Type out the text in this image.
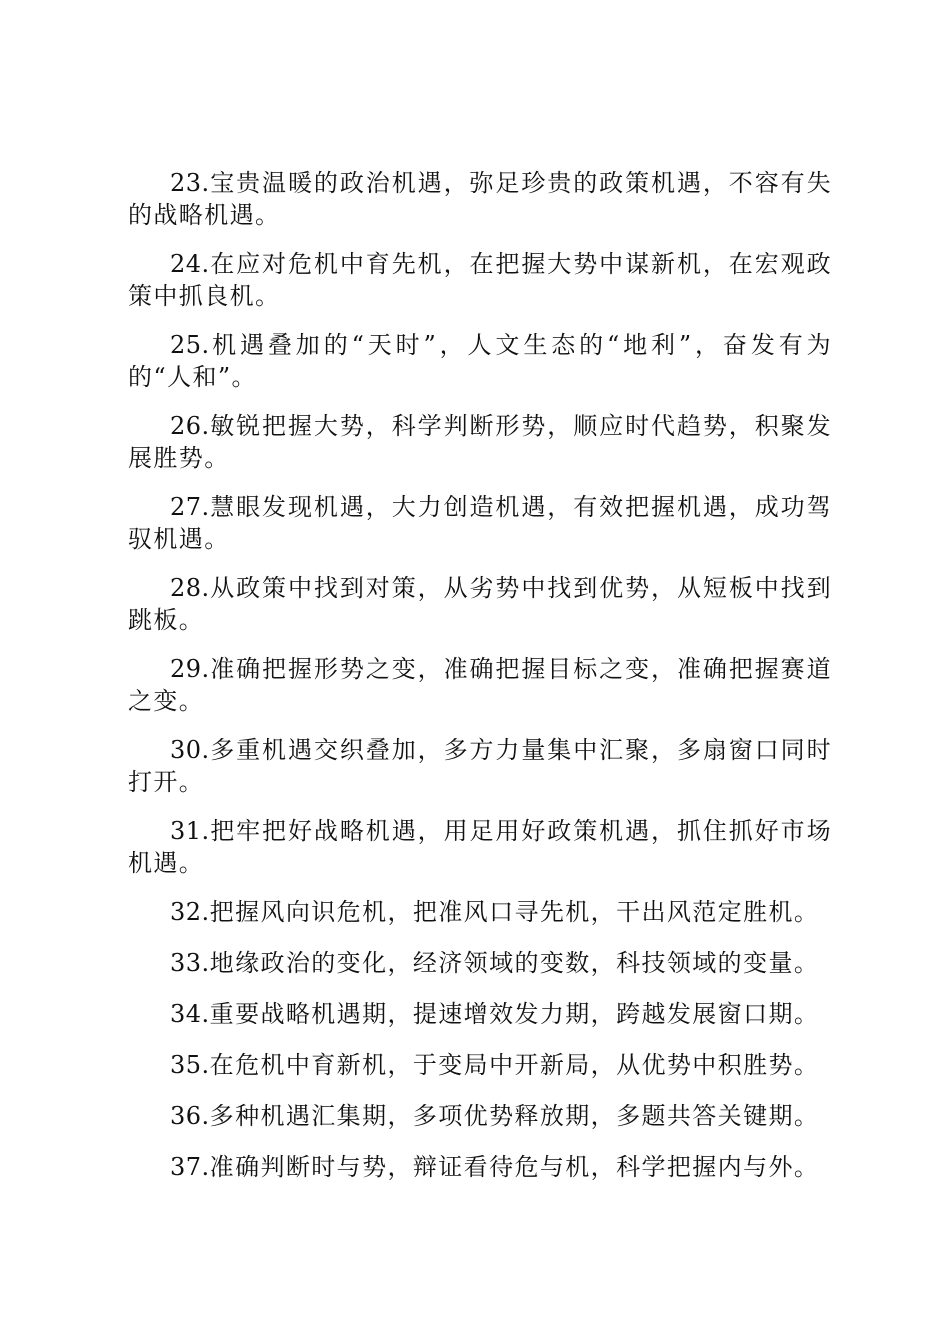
23.宝贵温暖的政治机遇，弥足珍贵的政策机遇，不容有失的战略机遇。

24.在应对危机中育先机，在把握大势中谋新机，在宏观政策中抓良机。

25.机遇叠加的“天时”，人文生态的“地利”，奋发有为的“人和”。

26.敏锐把握大势，科学判断形势，顺应时代趋势，积聚发展胜势。

27.慧眼发现机遇，大力创造机遇，有效把握机遇，成功驾驭机遇。

28.从政策中找到对策，从劣势中找到优势，从短板中找到跳板。

29.准确把握形势之变，准确把握目标之变，准确把握赛道之变。

30.多重机遇交织叠加，多方力量集中汇聚，多扇窗口同时打开。

31.把牢把好战略机遇，用足用好政策机遇，抓住抓好市场机遇。

32.把握风向识危机，把准风口寻先机，干出风范定胜机。

33.地缘政治的变化，经济领域的变数，科技领域的变量。

34.重要战略机遇期，提速增效发力期，跨越发展窗口期。

35.在危机中育新机，于变局中开新局，从优势中积胜势。

36.多种机遇汇集期，多项优势释放期，多题共答关键期。

37.准确判断时与势，辩证看待危与机，科学把握内与外。
